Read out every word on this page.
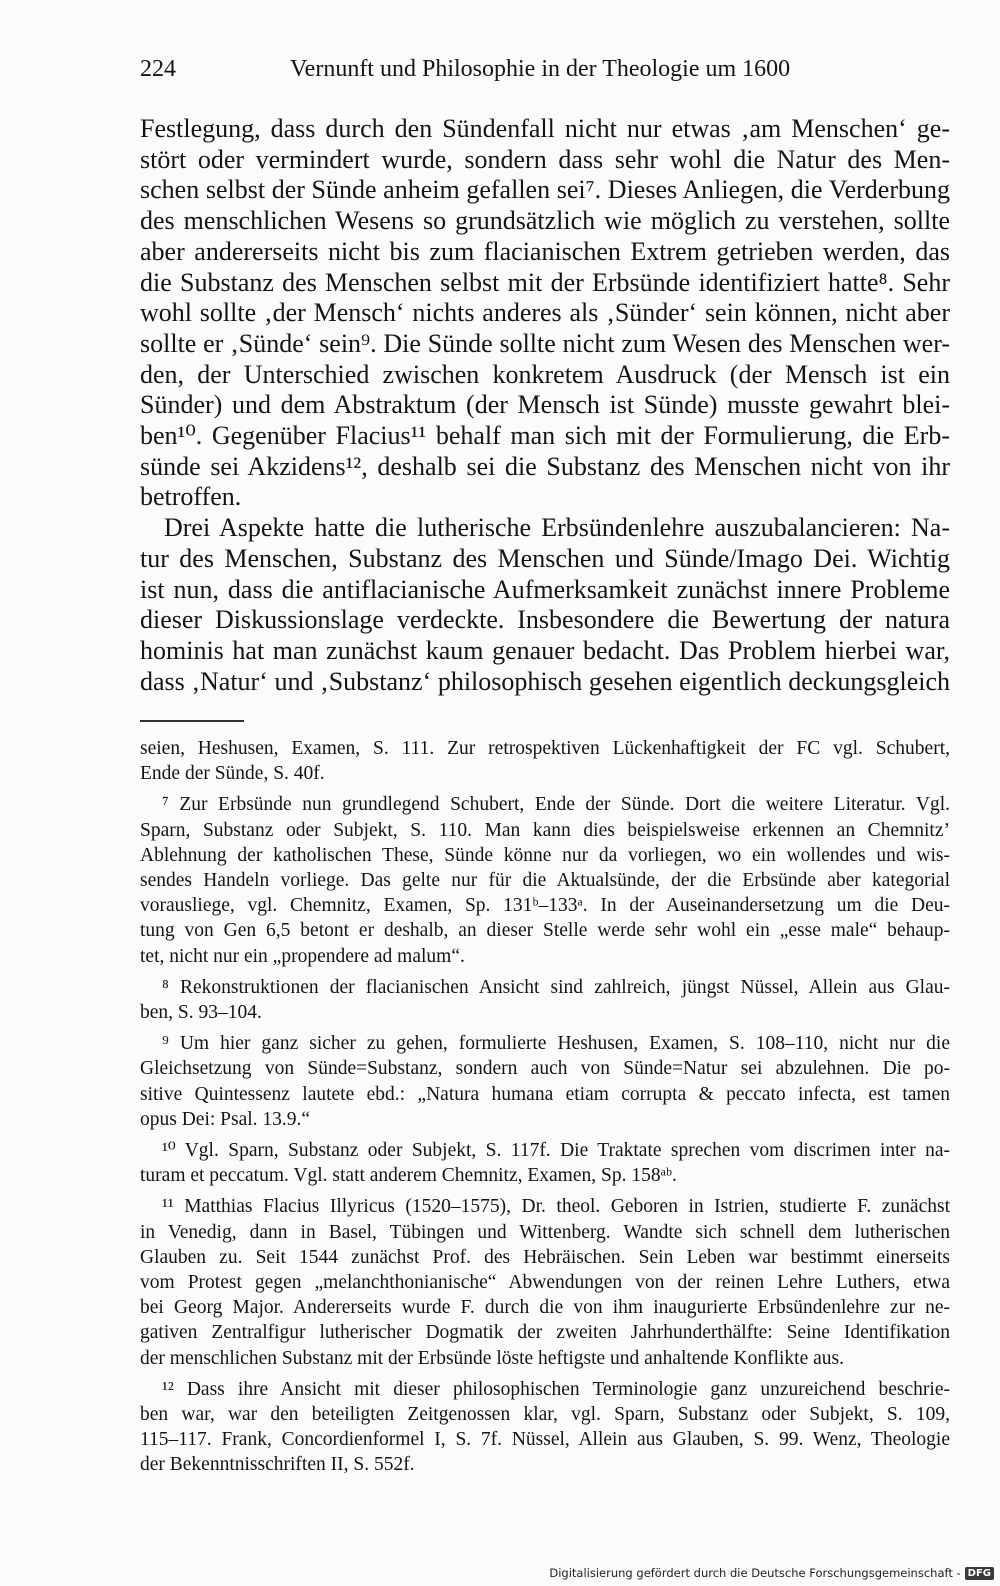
224	Vernunft und Philosophie in der Theologie um 1600

Festlegung, dass durch den Sündenfall nicht nur etwas ‚am Menschen‘ ge-

stört oder vermindert wurde, sondern dass sehr wohl die Natur des Men-

schen selbst der Sünde anheim gefallen sei⁷. Dieses Anliegen, die Verderbung

des menschlichen Wesens so grundsätzlich wie möglich zu verstehen, sollte

aber andererseits nicht bis zum flacianischen Extrem getrieben werden, das

die Substanz des Menschen selbst mit der Erbsünde identifiziert hatte⁸. Sehr

wohl sollte ‚der Mensch‘ nichts anderes als ‚Sünder‘ sein können, nicht aber

sollte er ‚Sünde‘ sein⁹. Die Sünde sollte nicht zum Wesen des Menschen wer-

den, der Unterschied zwischen konkretem Ausdruck (der Mensch ist ein

Sünder) und dem Abstraktum (der Mensch ist Sünde) musste gewahrt blei-

ben¹⁰. Gegenüber Flacius¹¹ behalf man sich mit der Formulierung, die Erb-

sünde sei Akzidens¹², deshalb sei die Substanz des Menschen nicht von ihr

betroffen.

Drei Aspekte hatte die lutherische Erbsündenlehre auszubalancieren: Na-

tur des Menschen, Substanz des Menschen und Sünde/Imago Dei. Wichtig

ist nun, dass die antiflacianische Aufmerksamkeit zunächst innere Probleme

dieser Diskussionslage verdeckte. Insbesondere die Bewertung der natura

hominis hat man zunächst kaum genauer bedacht. Das Problem hierbei war,

dass ‚Natur‘ und ‚Substanz‘ philosophisch gesehen eigentlich deckungsgleich

seien, Heshusen, Examen, S. 111. Zur retrospektiven Lückenhaftigkeit der FC vgl. Schubert,
Ende der Sünde, S. 40f.
⁷ Zur Erbsünde nun grundlegend Schubert, Ende der Sünde. Dort die weitere Literatur. Vgl.
Sparn, Substanz oder Subjekt, S. 110. Man kann dies beispielsweise erkennen an Chemnitz’
Ablehnung der katholischen These, Sünde könne nur da vorliegen, wo ein wollendes und wis-
sendes Handeln vorliege. Das gelte nur für die Aktualsünde, der die Erbsünde aber kategorial
vorausliege, vgl. Chemnitz, Examen, Sp. 131ᵇ–133ᵃ. In der Auseinandersetzung um die Deu-
tung von Gen 6,5 betont er deshalb, an dieser Stelle werde sehr wohl ein „esse male“ behaup-
tet, nicht nur ein „propendere ad malum“.
⁸ Rekonstruktionen der flacianischen Ansicht sind zahlreich, jüngst Nüssel, Allein aus Glau-
ben, S. 93–104.
⁹ Um hier ganz sicher zu gehen, formulierte Heshusen, Examen, S. 108–110, nicht nur die
Gleichsetzung von Sünde=Substanz, sondern auch von Sünde=Natur sei abzulehnen. Die po-
sitive Quintessenz lautete ebd.: „Natura humana etiam corrupta & peccato infecta, est tamen
opus Dei: Psal. 13.9.“
¹⁰ Vgl. Sparn, Substanz oder Subjekt, S. 117f. Die Traktate sprechen vom discrimen inter na-
turam et peccatum. Vgl. statt anderem Chemnitz, Examen, Sp. 158ᵃᵇ.
¹¹ Matthias Flacius Illyricus (1520–1575), Dr. theol. Geboren in Istrien, studierte F. zunächst
in Venedig, dann in Basel, Tübingen und Wittenberg. Wandte sich schnell dem lutherischen
Glauben zu. Seit 1544 zunächst Prof. des Hebräischen. Sein Leben war bestimmt einerseits
vom Protest gegen „melanchthonianische“ Abwendungen von der reinen Lehre Luthers, etwa
bei Georg Major. Andererseits wurde F. durch die von ihm inaugurierte Erbsündenlehre zur ne-
gativen Zentralfigur lutherischer Dogmatik der zweiten Jahrhunderthälfte: Seine Identifikation
der menschlichen Substanz mit der Erbsünde löste heftigste und anhaltende Konflikte aus.
¹² Dass ihre Ansicht mit dieser philosophischen Terminologie ganz unzureichend beschrie-
ben war, war den beteiligten Zeitgenossen klar, vgl. Sparn, Substanz oder Subjekt, S. 109,
115–117. Frank, Concordienformel I, S. 7f. Nüssel, Allein aus Glauben, S. 99. Wenz, Theologie
der Bekenntnisschriften II, S. 552f.
Digitalisierung gefördert durch die Deutsche Forschungsgemeinschaft - DFG
